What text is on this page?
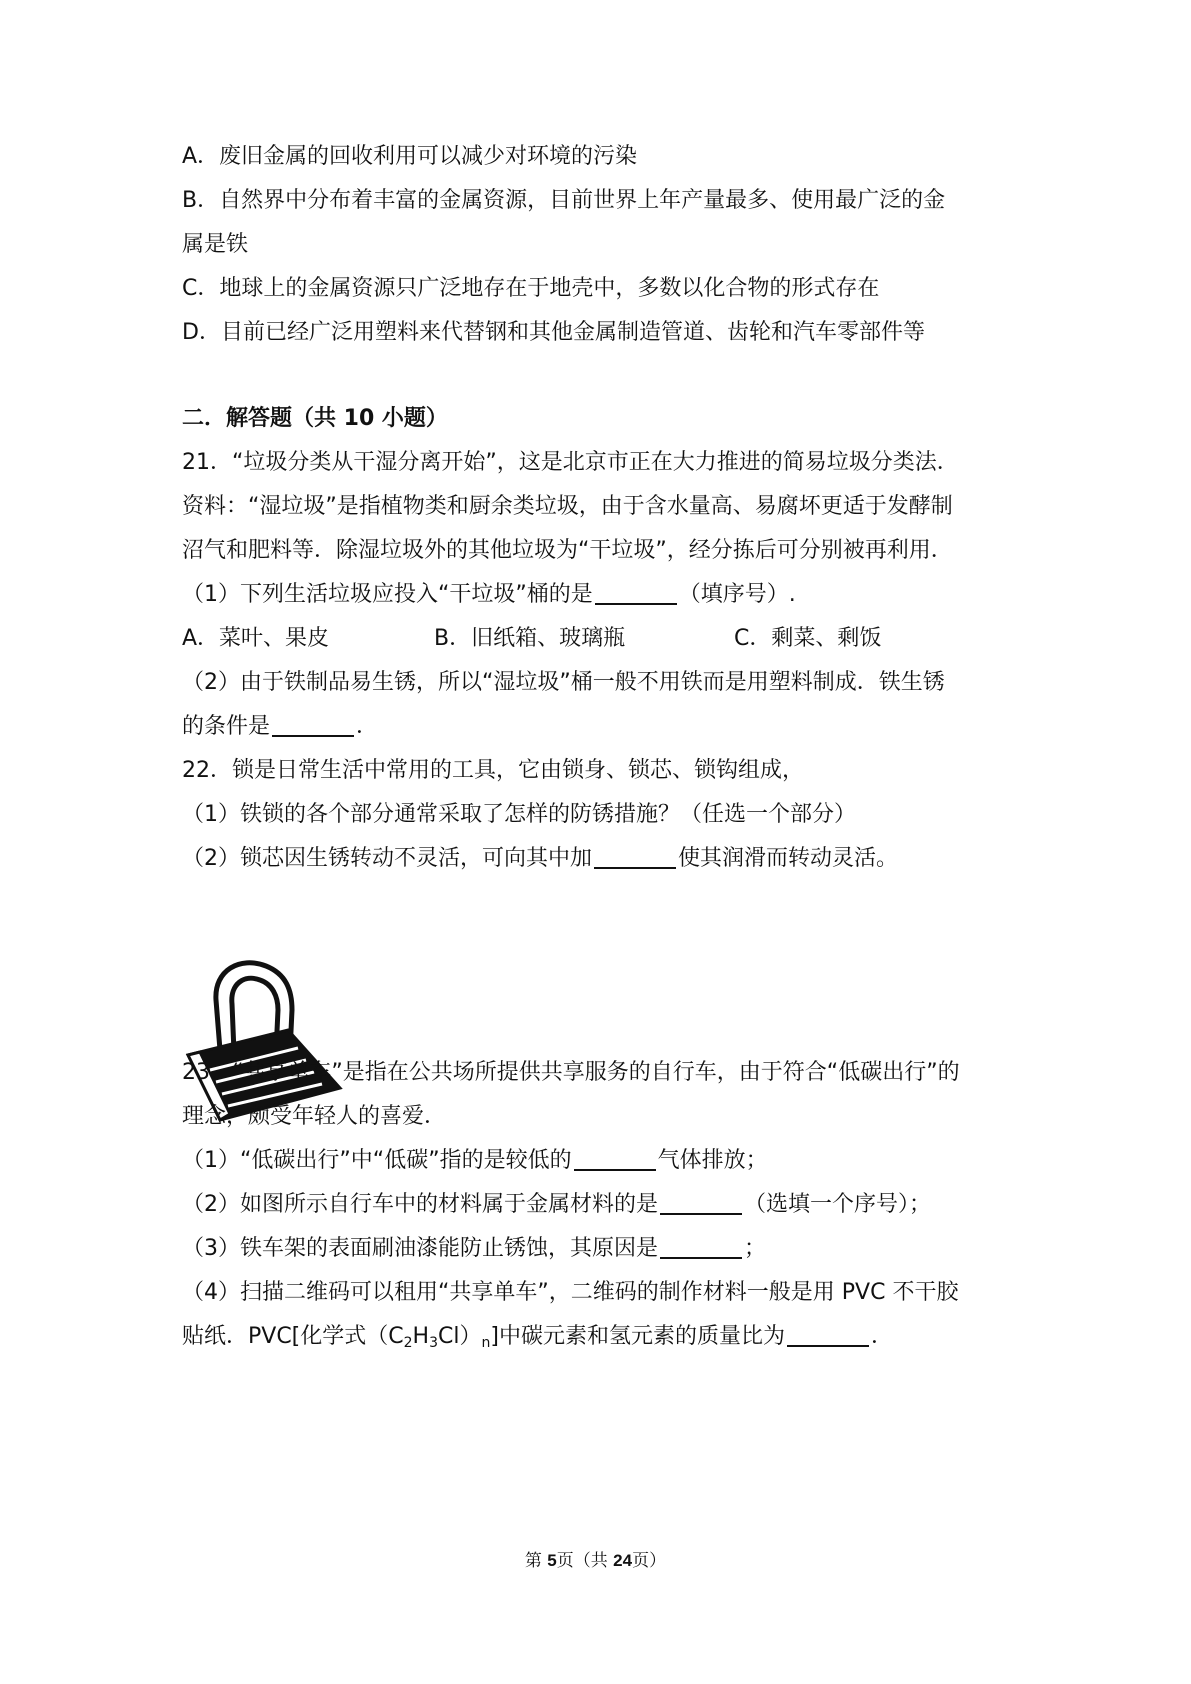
A．废旧金属的回收利用可以减少对环境的污染
B．自然界中分布着丰富的金属资源，目前世界上年产量最多、使用最广泛的金
属是铁
C．地球上的金属资源只广泛地存在于地壳中，多数以化合物的形式存在
D．目前已经广泛用塑料来代替钢和其他金属制造管道、齿轮和汽车零部件等
二．解答题（共 10 小题）
21．“垃圾分类从干湿分离开始”，这是北京市正在大力推进的简易垃圾分类法．
资料：“湿垃圾”是指植物类和厨余类垃圾，由于含水量高、易腐坏更适于发酵制
沼气和肥料等．除湿垃圾外的其他垃圾为“干垃圾”，经分拣后可分别被再利用．
（1）下列生活垃圾应投入“干垃圾”桶的是	（填序号）.
A．菜叶、果皮	B．旧纸箱、玻璃瓶	C．剩菜、剩饭
（2）由于铁制品易生锈，所以“湿垃圾”桶一般不用铁而是用塑料制成．铁生锈
的条件是	．
22．锁是日常生活中常用的工具，它由锁身、锁芯、锁钩组成，
（1）铁锁的各个部分通常采取了怎样的防锈措施？（任选一个部分）
（2）锁芯因生锈转动不灵活，可向其中加	使其润滑而转动灵活。
23．“共享单车”是指在公共场所提供共享服务的自行车，由于符合“低碳出行”的
理念，颇受年轻人的喜爱．
（1）“低碳出行”中“低碳”指的是较低的	气体排放；
（2）如图所示自行车中的材料属于金属材料的是	（选填一个序号）；
（3）铁车架的表面刷油漆能防止锈蚀，其原因是	；
（4）扫描二维码可以租用“共享单车”，二维码的制作材料一般是用 PVC 不干胶
贴纸．PVC[化学式$(C_2H_3Cl)_n$]中碳元素和氢元素的质量比为	．
第 5页（共 24页）
